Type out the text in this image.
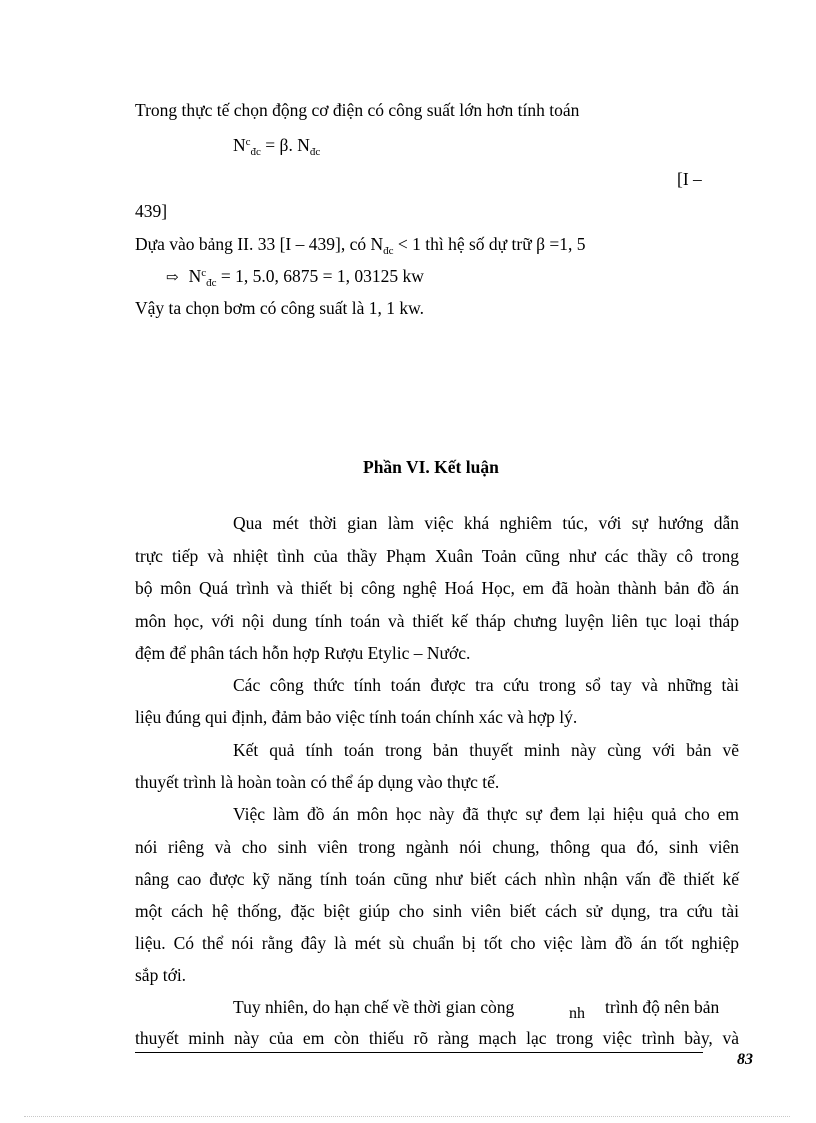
Trong thực tế chọn động cơ điện có công suất lớn hơn tính toán
$N^c_{đc} = \beta$. $N_{đc}$
[I –
439]
Dựa vào bảng II. 33 [I – 439], có $N_{đc} < 1$ thì hệ số dự trữ β =1, 5
⇨ $N^c_{đc} = 1$, 5.0, 6875 = 1, 03125 kw
Vậy ta chọn bơm có công suất là 1, 1 kw.
Phần VI. Kết luận
Qua mét thời gian làm việc khá nghiêm túc, với sự hướng dẫn
trực tiếp và nhiệt tình của thầy Phạm Xuân Toản cũng như các thầy cô trong
bộ môn Quá trình và thiết bị công nghệ Hoá Học, em đã hoàn thành bản đồ án
môn học, với nội dung tính toán và thiết kế tháp chưng luyện liên tục loại tháp
đệm để phân tách hỗn hợp Rượu Etylic – Nước.
Các công thức tính toán được tra cứu trong sổ tay và những tài
liệu đúng qui định, đảm bảo việc tính toán chính xác và hợp lý.
Kết quả tính toán trong bản thuyết minh này cùng với bản vẽ
thuyết trình là hoàn toàn có thể áp dụng vào thực tế.
Việc làm đồ án môn học này đã thực sự đem lại hiệu quả cho em
nói riêng và cho sinh viên trong ngành nói chung, thông qua đó, sinh viên
nâng cao được kỹ năng tính toán cũng như biết cách nhìn nhận vấn đề thiết kế
một cách hệ thống, đặc biệt giúp cho sinh viên biết cách sử dụng, tra cứu tài
liệu. Có thể nói rằng đây là mét sù chuẩn bị tốt cho việc làm đồ án tốt nghiệp
sắp tới.
Tuy nhiên, do hạn chế về thời gian còng	nh trình độ nên bản
thuyết minh này của em còn thiếu rõ ràng mạch lạc trong việc trình bày, và
83
